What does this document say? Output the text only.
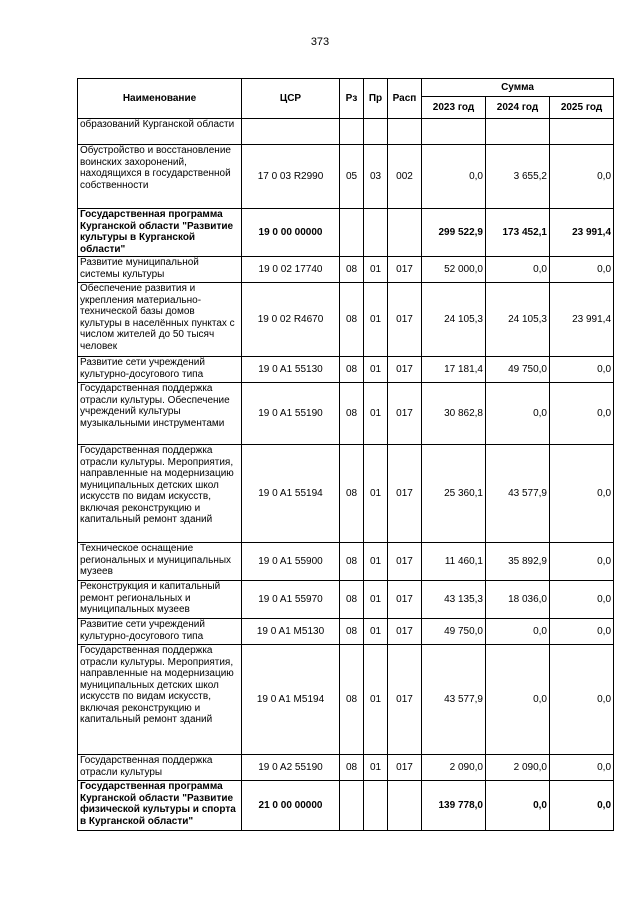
373
Наименование	ЦСР	Рз	Пр	Расп	Сумма		
					2023 год	2024 год	2025 год
образований Курганской области							
Обустройство и восстановление воинских захоронений, находящихся в государственной собственности	17 0 03 R2990	05	03	002	0,0	3 655,2	0,0
Государственная программа Курганской области "Развитие культуры в Курганской области"	19 0 00 00000				299 522,9	173 452,1	23 991,4
Развитие муниципальной системы культуры	19 0 02 17740	08	01	017	52 000,0	0,0	0,0
Обеспечение развития и укрепления материально-технической базы домов культуры в населённых пунктах с числом жителей до 50 тысяч человек	19 0 02 R4670	08	01	017	24 105,3	24 105,3	23 991,4
Развитие сети учреждений культурно-досугового типа	19 0 A1 55130	08	01	017	17 181,4	49 750,0	0,0
Государственная поддержка отрасли культуры. Обеспечение учреждений культуры музыкальными инструментами	19 0 A1 55190	08	01	017	30 862,8	0,0	0,0
Государственная поддержка отрасли культуры. Мероприятия, направленные на модернизацию муниципальных детских школ искусств по видам искусств, включая реконструкцию и капитальный ремонт зданий	19 0 A1 55194	08	01	017	25 360,1	43 577,9	0,0
Техническое оснащение региональных и муниципальных музеев	19 0 A1 55900	08	01	017	11 460,1	35 892,9	0,0
Реконструкция и капитальный ремонт региональных и муниципальных музеев	19 0 A1 55970	08	01	017	43 135,3	18 036,0	0,0
Развитие сети учреждений культурно-досугового типа	19 0 A1 M5130	08	01	017	49 750,0	0,0	0,0
Государственная поддержка отрасли культуры. Мероприятия, направленные на модернизацию муниципальных детских школ искусств по видам искусств, включая реконструкцию и капитальный ремонт зданий	19 0 A1 M5194	08	01	017	43 577,9	0,0	0,0
Государственная поддержка отрасли культуры	19 0 A2 55190	08	01	017	2 090,0	2 090,0	0,0
Государственная программа Курганской области "Развитие физической культуры и спорта в Курганской области"	21 0 00 00000				139 778,0	0,0	0,0
